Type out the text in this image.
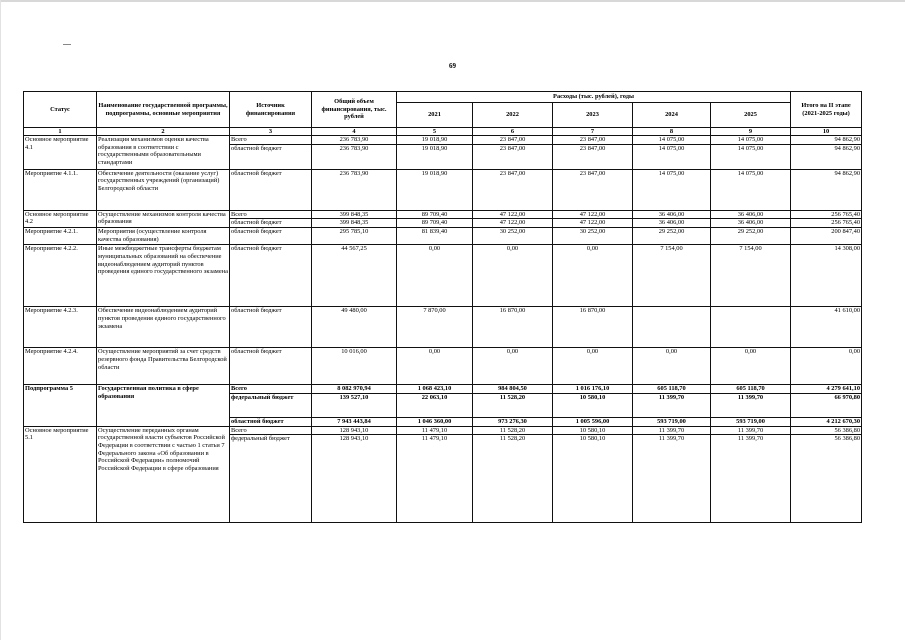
69
Статус	Наименование государственной программы, подпрограммы, основные мероприятия	Источник финансирования	Общий объем финансирования, тыс. рублей	Расходы (тыс. рублей), годы					Итого на II этапе (2021-2025 годы)
				2021	2022	2023	2024	2025	
1	2	3	4	5	6	7	8	9	10
Основное мероприятие 4.1	Реализация механизмов оценки качества образования в соответствии с государственными образовательными стандартами	Всего	236 783,90	19 018,90	23 847,00	23 847,00	14 075,00	14 075,00	94 862,90
		областной бюджет	236 783,90	19 018,90	23 847,00	23 847,00	14 075,00	14 075,00	94 862,90
Мероприятие 4.1.1.	Обеспечение деятельности (оказание услуг) государственных учреждений (организаций) Белгородской области	областной бюджет	236 783,90	19 018,90	23 847,00	23 847,00	14 075,00	14 075,00	94 862,90
Основное мероприятие 4.2	Осуществление механизмов контроля качества образования	Всего	399 848,35	89 709,40	47 122,00	47 122,00	36 406,00	36 406,00	256 765,40
		областной бюджет	399 848,35	89 709,40	47 122,00	47 122,00	36 406,00	36 406,00	256 765,40
Мероприятие 4.2.1.	Мероприятия (осуществление контроля качества образования)	областной бюджет	295 785,10	81 839,40	30 252,00	30 252,00	29 252,00	29 252,00	200 847,40
Мероприятие 4.2.2.	Иные межбюджетные трансферты бюджетам муниципальных образований на обеспечение видеонаблюдением аудиторий пунктов проведения единого государственного экзамена	областной бюджет	44 567,25	0,00	0,00	0,00	7 154,00	7 154,00	14 308,00
Мероприятие 4.2.3.	Обеспечение видеонаблюдением аудиторий пунктов проведения единого государственного экзамена	областной бюджет	49 480,00	7 870,00	16 870,00	16 870,00			41 610,00
Мероприятие 4.2.4.	Осуществление мероприятий за счет средств резервного фонда Правительства Белгородской области	областной бюджет	10 016,00	0,00	0,00	0,00	0,00	0,00	0,00
Подпрограмма 5	Государственная политика в сфере образования	Всего	8 082 970,94	1 068 423,10	984 804,50	1 016 176,10	605 118,70	605 118,70	4 279 641,10
		федеральный бюджет	139 527,10	22 063,10	11 528,20	10 580,10	11 399,70	11 399,70	66 970,80
		областной бюджет	7 943 443,84	1 046 360,00	973 276,30	1 005 596,00	593 719,00	593 719,00	4 212 670,30
Основное мероприятие 5.1	Осуществление переданных органам государственной власти субъектов Российской Федерации в соответствии с частью 1 статьи 7 Федерального закона «Об образовании в Российской Федерации» полномочий Российской Федерации в сфере образования	Всего	128 943,10	11 479,10	11 528,20	10 580,10	11 399,70	11 399,70	56 386,80
		федеральный бюджет	128 943,10	11 479,10	11 528,20	10 580,10	11 399,70	11 399,70	56 386,80
